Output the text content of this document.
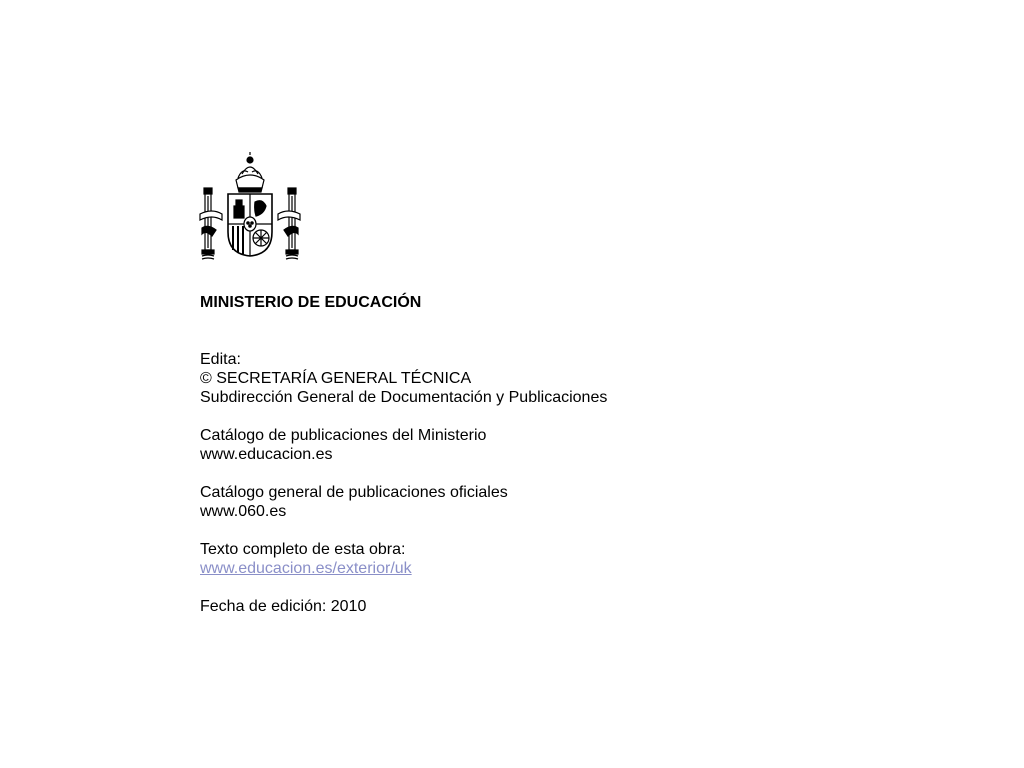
MINISTERIO DE EDUCACIÓN
Edita:
© SECRETARÍA GENERAL TÉCNICA
Subdirección General de Documentación y Publicaciones
Catálogo de publicaciones del Ministerio
www.educacion.es
Catálogo general de publicaciones oficiales
www.060.es
Texto completo de esta obra:
www.educacion.es/exterior/uk
Fecha de edición: 2010
